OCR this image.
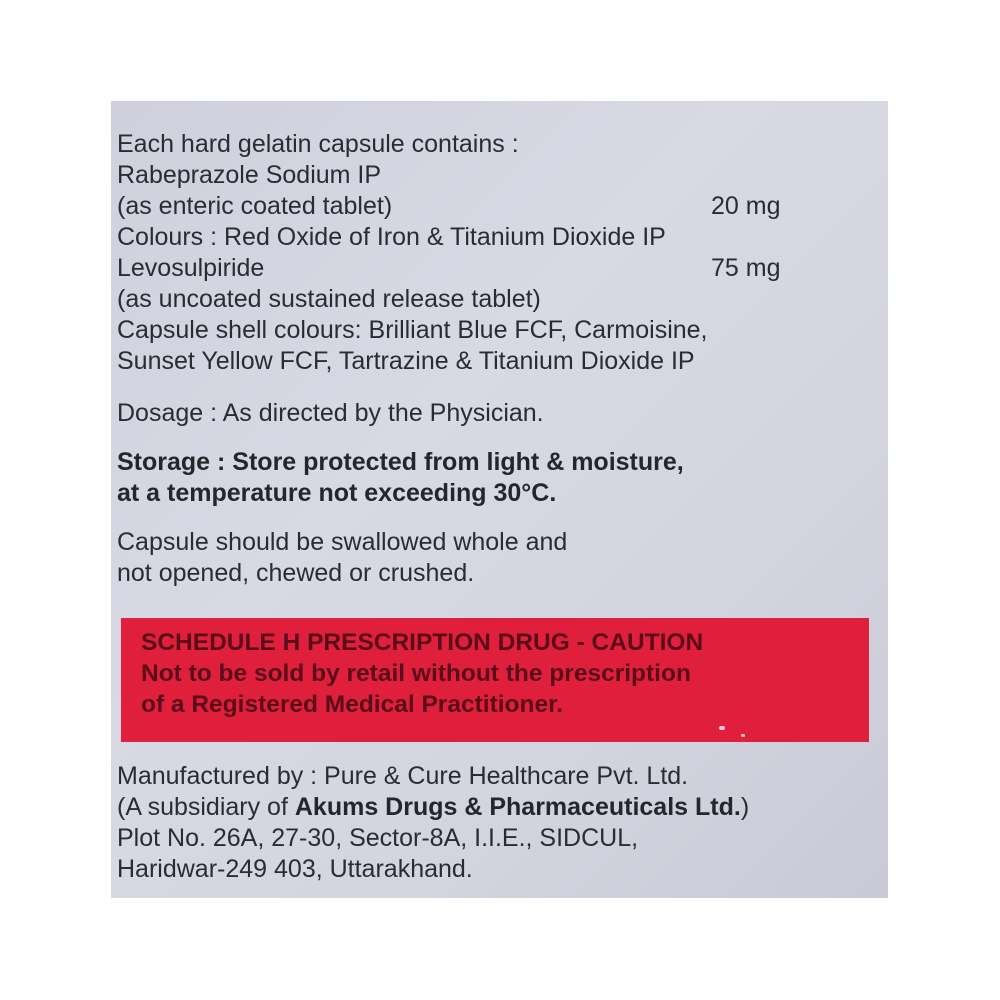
Each hard gelatin capsule contains :
Rabeprazole Sodium IP
(as enteric coated tablet)
Colours : Red Oxide of Iron & Titanium Dioxide IP
Levosulpiride
(as uncoated sustained release tablet)
Capsule shell colours: Brilliant Blue FCF, Carmoisine,
Sunset Yellow FCF, Tartrazine & Titanium Dioxide IP
20 mg
75 mg
Dosage : As directed by the Physician.
Storage : Store protected from light & moisture,
at a temperature not exceeding 30°C.
Capsule should be swallowed whole and
not opened, chewed or crushed.
SCHEDULE H PRESCRIPTION DRUG - CAUTION
Not to be sold by retail without the prescription
of a Registered Medical Practitioner.
Manufactured by : Pure & Cure Healthcare Pvt. Ltd.
(A subsidiary of Akums Drugs & Pharmaceuticals Ltd.)
Plot No. 26A, 27-30, Sector-8A, I.I.E., SIDCUL,
Haridwar-249 403, Uttarakhand.
